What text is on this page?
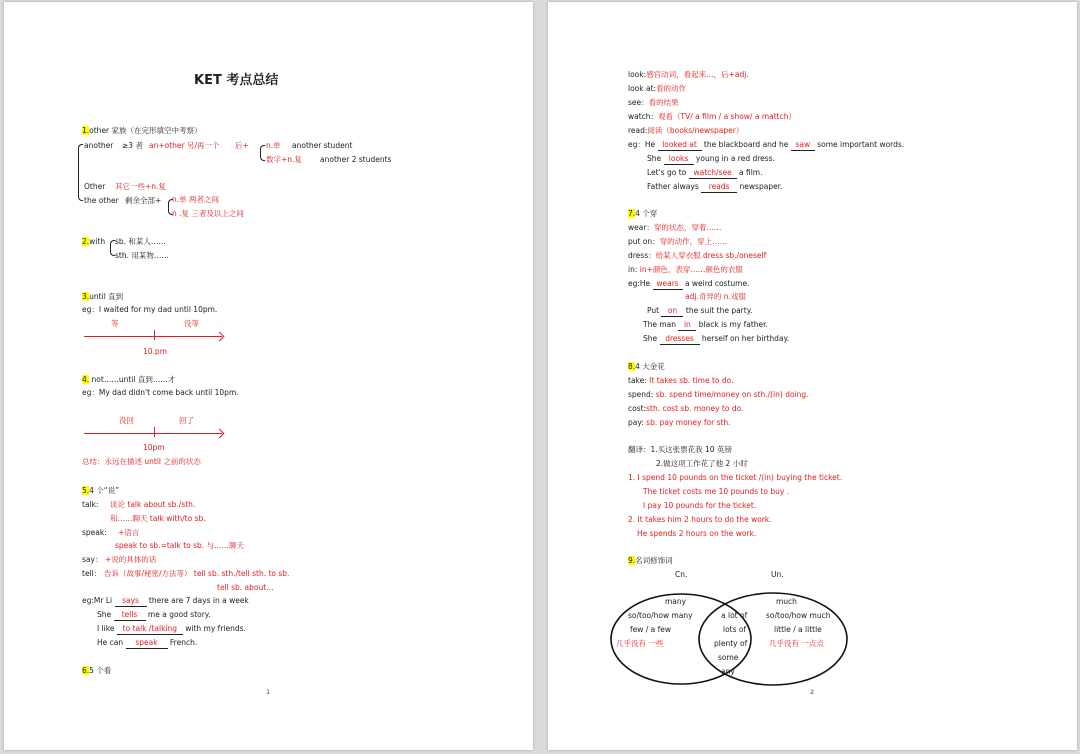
KET 考点总结
1.other 家族（在完形填空中考察）
another ≥3 者 an+other 另/再一个 后+ n.单 another student
数字+n.复 another 2 students
Other 其它一些+n.复
the other 剩余全部+ n.单 两者之间
n .复 三者及以上之间
2.with sb. 和某人……
sth. 用某物……
3.until 直到
eg：I waited for my dad until 10pm.
等	没等
10.pm
4. not……until 直到……才
eg：My dad didn't come back until 10pm.
没回	回了
10pm
总结：永远在描述 until 之前的状态
5.4 个“说”
talk: 谈论 talk about sb./sth.
和……聊天 talk with/to sb.
speak: +语言
speak to sb.=talk to sb. 与……聊天
say： +说的具体的话
tell： 告诉（故事/秘密/方法等） tell sb. sth./tell sth. to sb.
tell sb. about…
eg:Mr Li says there are 7 days in a week
She tells me a good story.
I like to talk /talking with my friends.
He can speak French.
6.5 个看
1
look:感官动词，看起来…，后+adj.
look at:看的动作
see：看的结果
watch：观看（TV/ a film / a show/ a mattch）
read:阅读（books/newspaper）
eg：He looked at the blackboard and he saw some important words.
She looks young in a red dress.
Let's go to watch/see a film.
Father always reads newspaper.
7.4 个穿
wear：穿的状态，穿着……
put on：穿的动作，穿上……
dress：给某人穿衣服.dress sb./oneself
in: in+颜色，表穿……颜色的衣服
eg:He wears a weird costume.
adj.奇异的 n.戏服
Put on the suit the party.
The man in black is my father.
She dresses herself on her birthday.
8.4 大金花
take: It takes sb. time to do.
spend: sb. spend time/money on sth./(in) doing.
cost:sth. cost sb. money to do.
pay: sb. pay money for sth.
翻译：1.买这张票花我 10 英镑
2.做这项工作花了他 2 小时
1. I spend 10 pounds on the ticket /(in) buying the ticket.
The ticket costs me 10 pounds to buy .
I pay 10 pounds for the ticket.
2. It takes him 2 hours to do the work.
He spends 2 hours on the work.
9.名词修饰词
Cn.	Un.
many
so/too/how many
few / a few
几乎没有 一些
a lot of
lots of
plenty of
some
any
much
so/too/how much
little / a little
几乎没有 一点点
2
